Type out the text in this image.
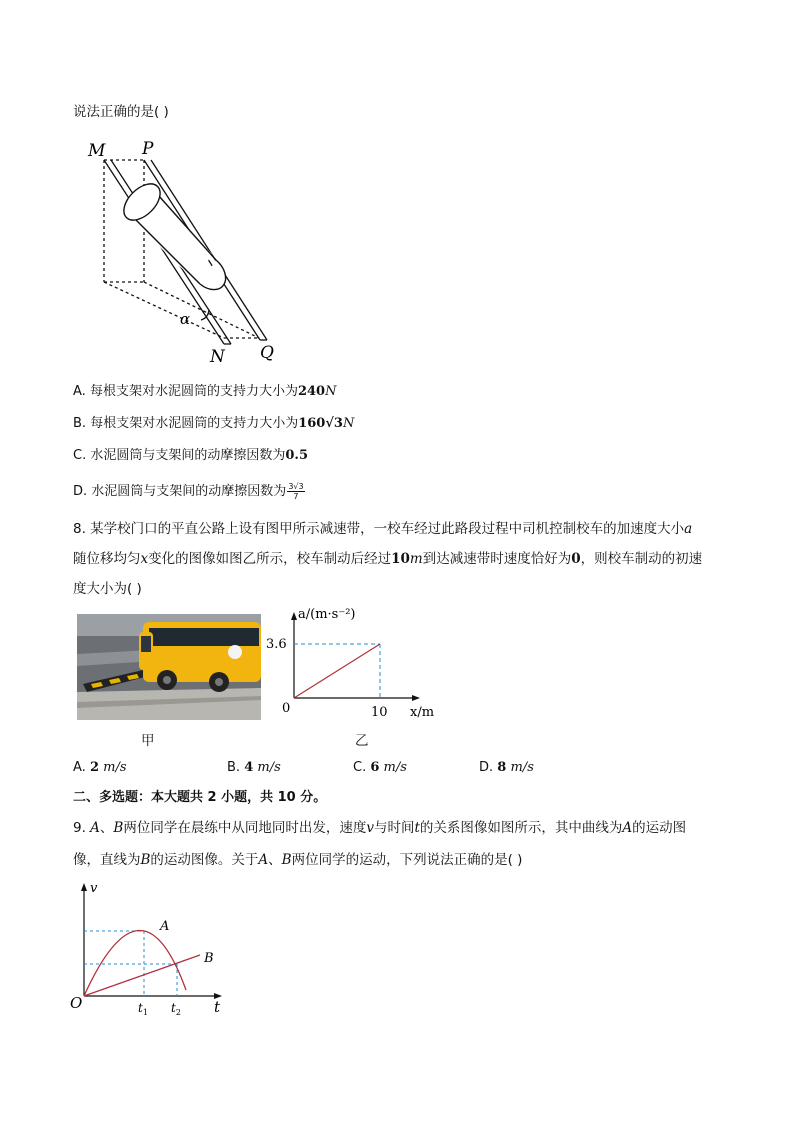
说法正确的是( )
M P
N Q
α
A. 每根支架对水泥圆筒的支持力大小为240N
B. 每根支架对水泥圆筒的支持力大小为160√3N
C. 水泥圆筒与支架间的动摩擦因数为0.5
D. 水泥圆筒与支架间的动摩擦因数为 $\frac{3√3}{7}$
8. 某学校门口的平直公路上设有图甲所示减速带，一校车经过此路段过程中司机控制校车的加速度大小a
随位移均匀x变化的图像如图乙所示，校车制动后经过10m到达减速带时速度恰好为0，则校车制动的初速
度大小为( )
a/(m·s⁻²)
x/m
0
3.6
10
甲	乙
A. 2 m/s	B. 4 m/s	C. 6 m/s	D. 8 m/s
二、多选题：本大题共 2 小题，共 10 分。
9. A、B两位同学在晨练中从同地同时出发，速度v与时间t的关系图像如图所示，其中曲线为A的运动图
像，直线为B的运动图像。关于A、B两位同学的运动，下列说法正确的是( )
v
t
O
A
B
$t_1$ $t_2$
